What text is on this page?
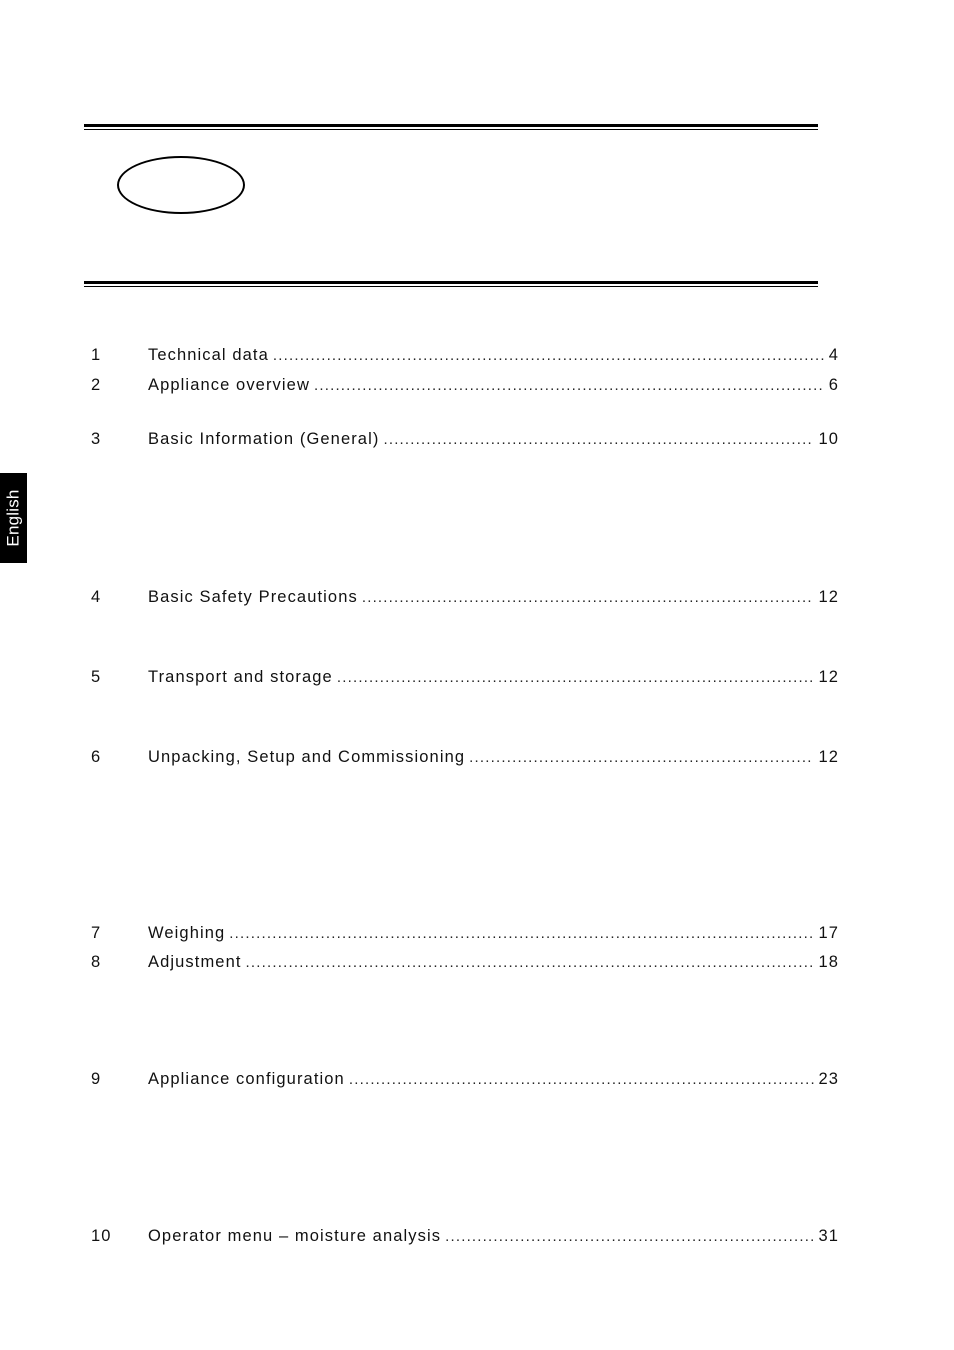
English
1	Technical data .....	4
2	Appliance overview .....	6
3	Basic Information (General) .....	10
4	Basic Safety Precautions .....	12
5	Transport and storage .....	12
6	Unpacking, Setup and Commissioning .....	12
7	Weighing .....	17
8	Adjustment .....	18
9	Appliance configuration .....	23
10	Operator menu – moisture analysis .....	31
